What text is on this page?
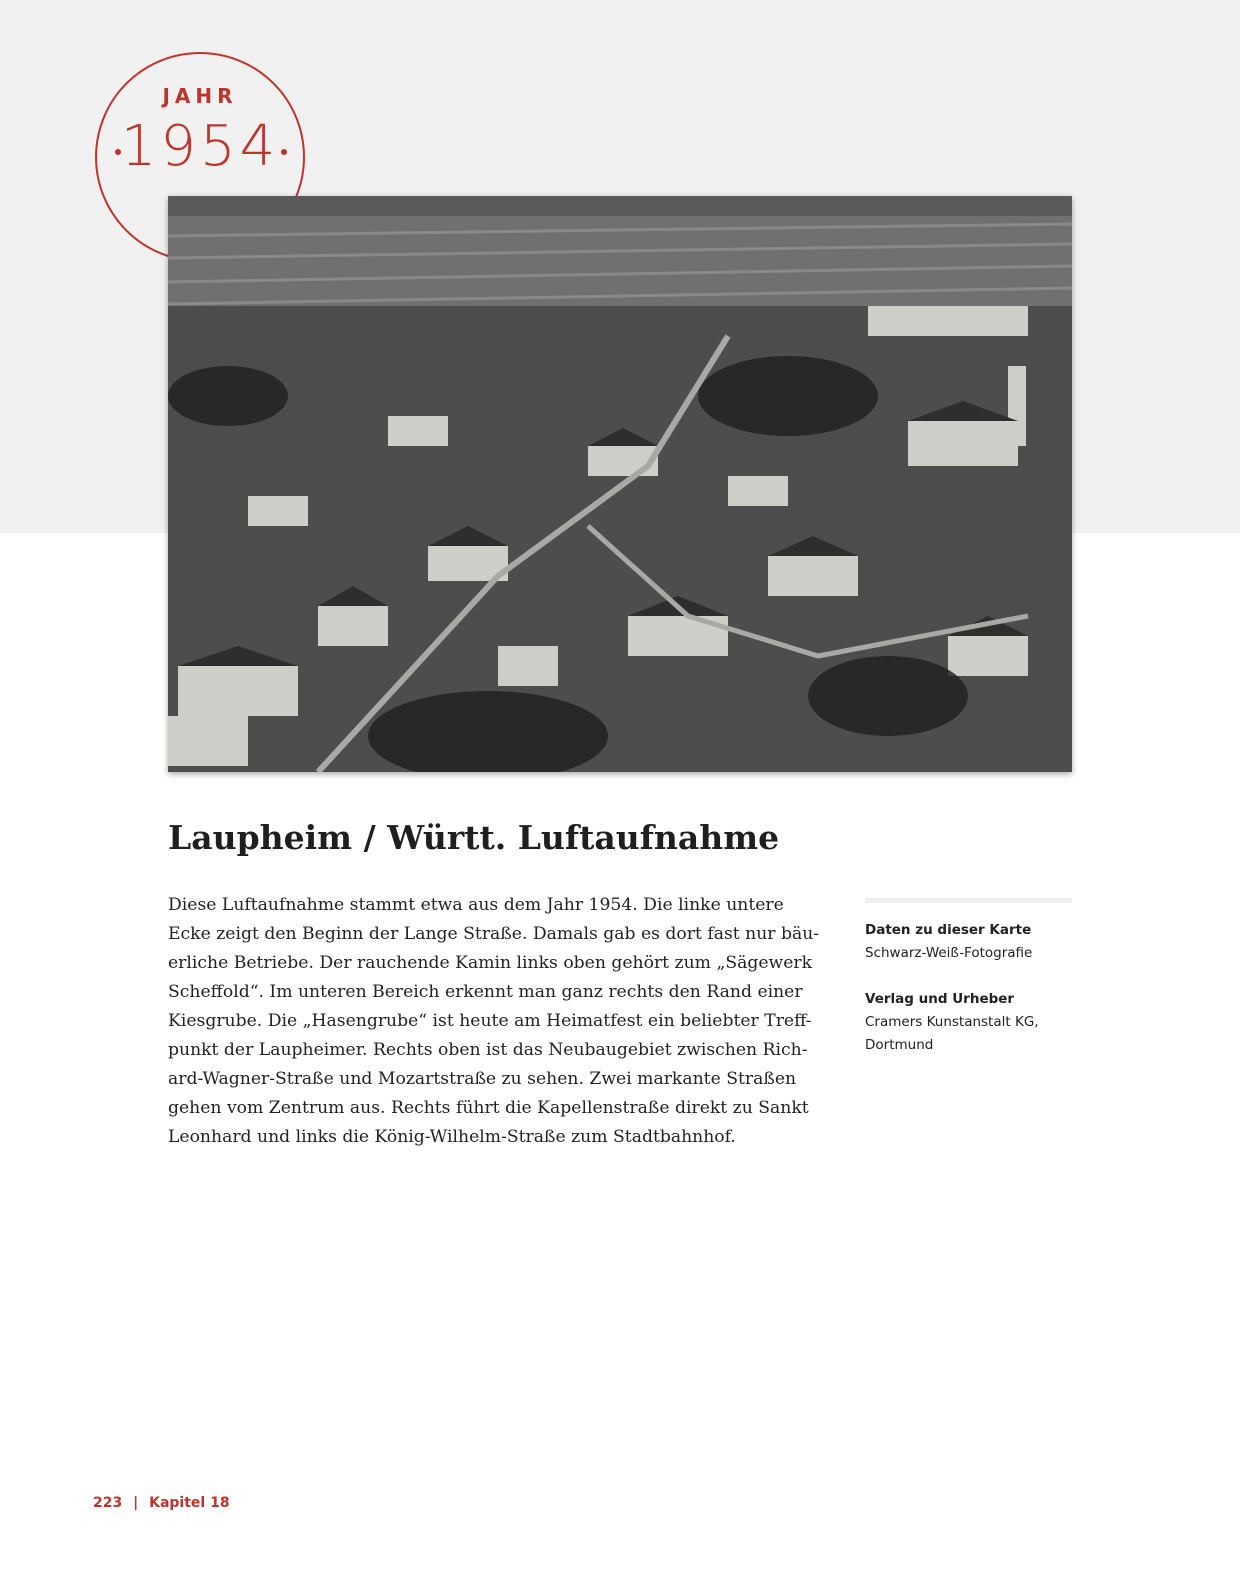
JAHR
1954
Laupheim / Württ. Luftaufnahme
Diese Luftaufnahme stammt etwa aus dem Jahr 1954. Die linke untere
Ecke zeigt den Beginn der Lange Straße. Damals gab es dort fast nur bäu-
erliche Betriebe. Der rauchende Kamin links oben gehört zum „Sägewerk
Scheffold“. Im unteren Bereich erkennt man ganz rechts den Rand einer
Kiesgrube. Die „Hasengrube“ ist heute am Heimatfest ein beliebter Treff-
punkt der Laupheimer. Rechts oben ist das Neubaugebiet zwischen Rich-
ard-Wagner-Straße und Mozartstraße zu sehen. Zwei markante Straßen
gehen vom Zentrum aus. Rechts führt die Kapellenstraße direkt zu Sankt
Leonhard und links die König-Wilhelm-Straße zum Stadtbahnhof.
Daten zu dieser Karte
Schwarz-Weiß-Fotografie
Verlag und Urheber
Cramers Kunstanstalt KG,
Dortmund
223 | Kapitel 18
